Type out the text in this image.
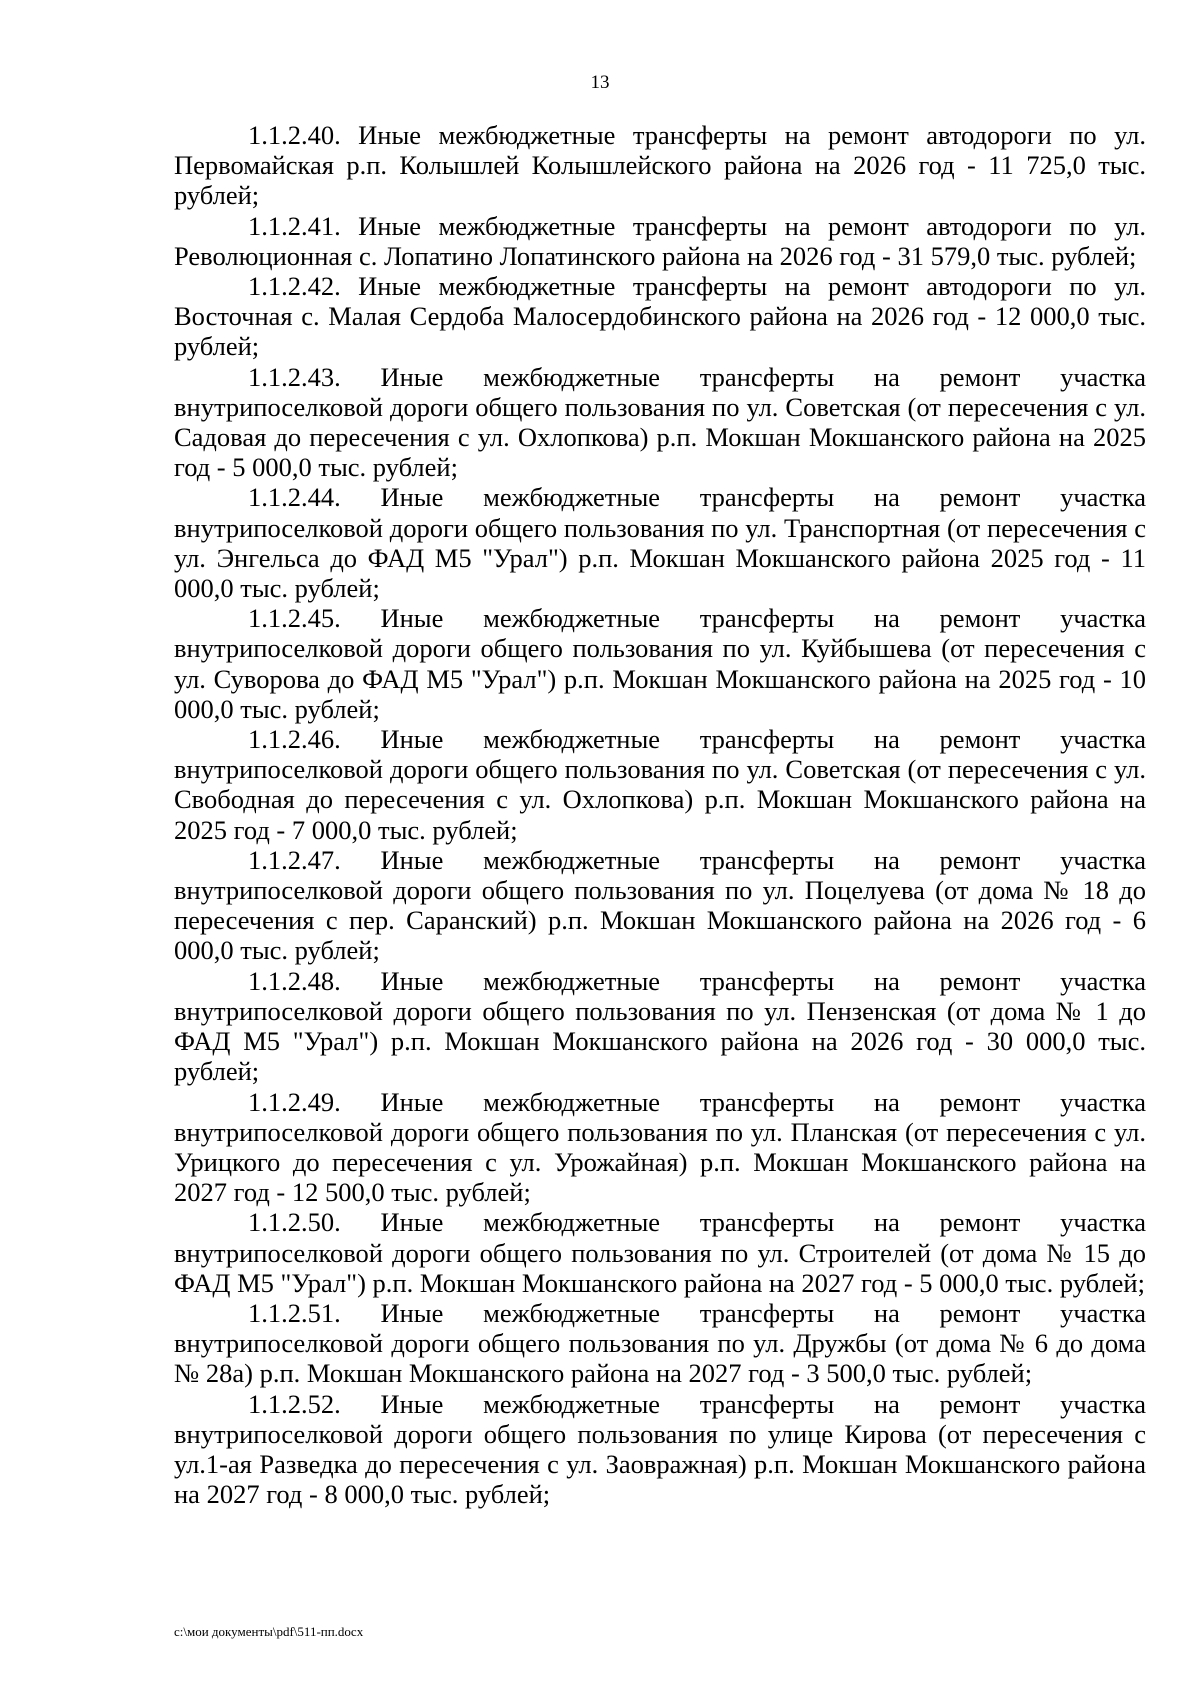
13

1.1.2.40. Иные межбюджетные трансферты на ремонт автодороги по ул. Первомайская р.п. Колышлей Колышлейского района на 2026 год - 11 725,0 тыс. рублей;

1.1.2.41. Иные межбюджетные трансферты на ремонт автодороги по ул. Революционная с. Лопатино Лопатинского района на 2026 год - 31 579,0 тыс. рублей;

1.1.2.42. Иные межбюджетные трансферты на ремонт автодороги по ул. Восточная с. Малая Сердоба Малосердобинского района на 2026 год - 12 000,0 тыс. рублей;

1.1.2.43. Иные межбюджетные трансферты на ремонт участка внутрипоселковой дороги общего пользования по ул. Советская (от пересечения с ул. Садовая до пересечения с ул. Охлопкова) р.п. Мокшан Мокшанского района на 2025 год - 5 000,0 тыс. рублей;

1.1.2.44. Иные межбюджетные трансферты на ремонт участка внутрипоселковой дороги общего пользования по ул. Транспортная (от пересечения с ул. Энгельса до ФАД М5 "Урал") р.п. Мокшан Мокшанского района 2025 год - 11 000,0 тыс. рублей;

1.1.2.45. Иные межбюджетные трансферты на ремонт участка внутрипоселковой дороги общего пользования по ул. Куйбышева (от пересечения с ул. Суворова до ФАД М5 "Урал") р.п. Мокшан Мокшанского района на 2025 год - 10 000,0 тыс. рублей;

1.1.2.46. Иные межбюджетные трансферты на ремонт участка внутрипоселковой дороги общего пользования по ул. Советская (от пересечения с ул. Свободная до пересечения с ул. Охлопкова) р.п. Мокшан Мокшанского района на 2025 год - 7 000,0 тыс. рублей;

1.1.2.47. Иные межбюджетные трансферты на ремонт участка внутрипоселковой дороги общего пользования по ул. Поцелуева (от дома № 18 до пересечения с пер. Саранский) р.п. Мокшан Мокшанского района на 2026 год - 6 000,0 тыс. рублей;

1.1.2.48. Иные межбюджетные трансферты на ремонт участка внутрипоселковой дороги общего пользования по ул. Пензенская (от дома № 1 до ФАД М5 "Урал") р.п. Мокшан Мокшанского района на 2026 год - 30 000,0 тыс. рублей;

1.1.2.49. Иные межбюджетные трансферты на ремонт участка внутрипоселковой дороги общего пользования по ул. Планская (от пересечения с ул. Урицкого до пересечения с ул. Урожайная) р.п. Мокшан Мокшанского района на 2027 год - 12 500,0 тыс. рублей;

1.1.2.50. Иные межбюджетные трансферты на ремонт участка внутрипоселковой дороги общего пользования по ул. Строителей (от дома № 15 до ФАД М5 "Урал") р.п. Мокшан Мокшанского района на 2027 год - 5 000,0 тыс. рублей;

1.1.2.51. Иные межбюджетные трансферты на ремонт участка внутрипоселковой дороги общего пользования по ул. Дружбы (от дома № 6 до дома № 28а) р.п. Мокшан Мокшанского района на 2027 год - 3 500,0 тыс. рублей;

1.1.2.52. Иные межбюджетные трансферты на ремонт участка внутрипоселковой дороги общего пользования по улице Кирова (от пересечения с ул.1-ая Разведка до пересечения с ул. Заовражная) р.п. Мокшан Мокшанского района на 2027 год - 8 000,0 тыс. рублей;

c:\мои документы\pdf\511-пп.docx
